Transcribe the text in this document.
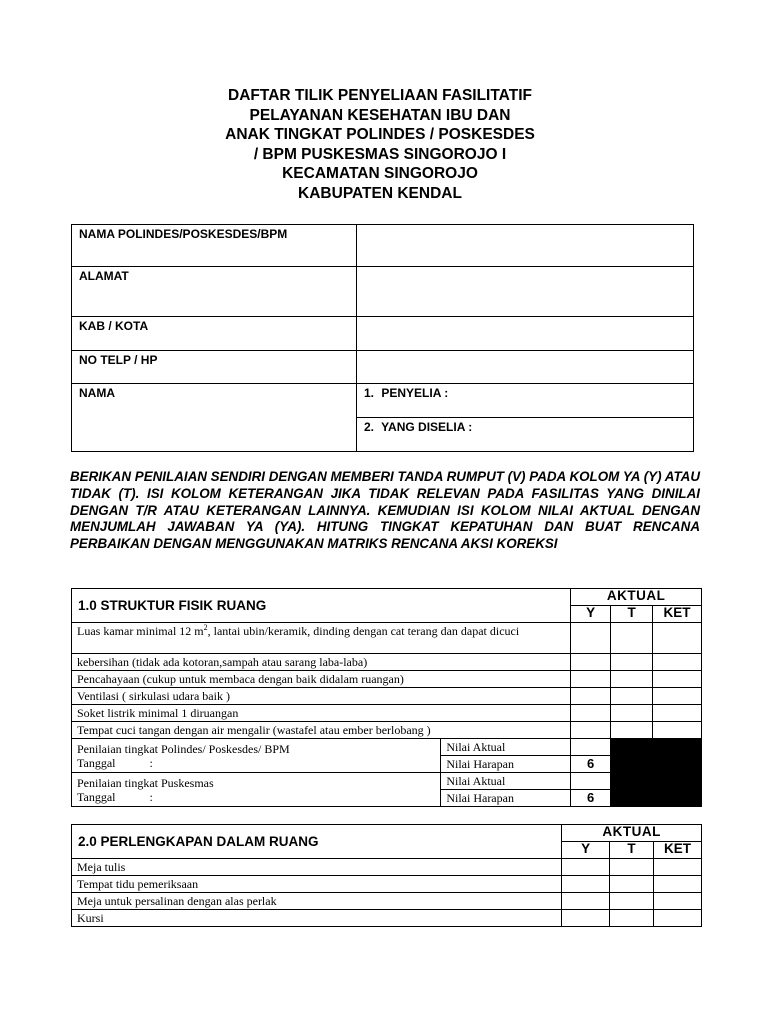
DAFTAR TILIK PENYELIAAN FASILITATIF
PELAYANAN KESEHATAN IBU DAN
ANAK TINGKAT POLINDES / POSKESDES
/ BPM PUSKESMAS SINGOROJO I
KECAMATAN SINGOROJO
KABUPATEN KENDAL
NAMA POLINDES/POSKESDES/BPM	
ALAMAT	
KAB / KOTA	
NO TELP / HP	
NAMA	1. PENYELIA :
	2. YANG DISELIA :

BERIKAN PENILAIAN SENDIRI DENGAN MEMBERI TANDA RUMPUT (V) PADA KOLOM YA (Y) ATAU TIDAK (T). ISI KOLOM KETERANGAN JIKA TIDAK RELEVAN PADA FASILITAS YANG DINILAI DENGAN T/R ATAU KETERANGAN LAINNYA. KEMUDIAN ISI KOLOM NILAI AKTUAL DENGAN MENJUMLAH JAWABAN YA (YA). HITUNG TINGKAT KEPATUHAN DAN BUAT RENCANA PERBAIKAN DENGAN MENGGUNAKAN MATRIKS RENCANA AKSI KOREKSI

1.0 STRUKTUR FISIK RUANG		AKTUAL		
		Y	T	KET
Luas kamar minimal 12 $m^2$, lantai ubin/keramik, dinding dengan cat terang dan dapat dicuci				
kebersihan (tidak ada kotoran,sampah atau sarang laba-laba)				
Pencahayaan (cukup untuk membaca dengan baik didalam ruangan)				
Ventilasi ( sirkulasi udara baik )				
Soket listrik minimal 1 diruangan				
Tempat cuci tangan dengan air mengalir (wastafel atau ember berlobang )				

Penilaian tingkat Polindes/ Poskesdes/ BPM
Tanggal :	Nilai Aktual			
	Nilai Harapan	6		

Penilaian tingkat Puskesmas
Tanggal :	Nilai Aktual			
	Nilai Harapan	6		
2.0 PERLENGKAPAN DALAM RUANG	AKTUAL		
	Y	T	KET
Meja tulis			
Tempat tidu pemeriksaan			
Meja untuk persalinan dengan alas perlak			
Kursi			
